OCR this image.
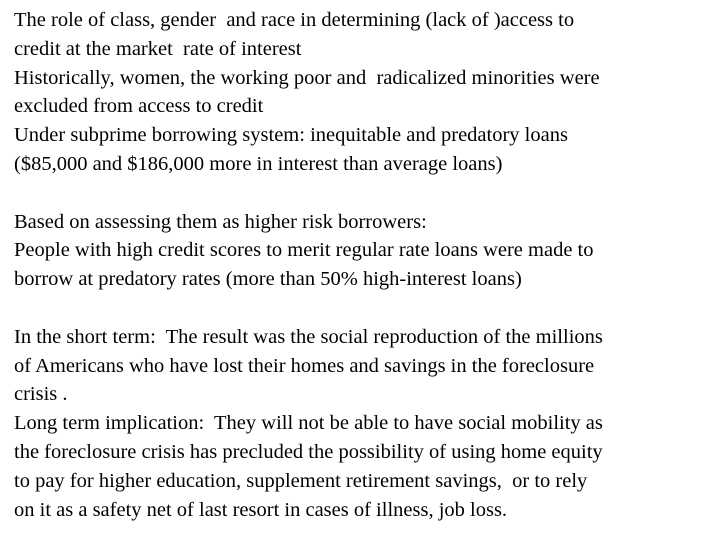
The role of class, gender  and race in determining (lack of )access to
credit at the market  rate of interest
Historically, women, the working poor and  radicalized minorities were
excluded from access to credit
Under subprime borrowing system: inequitable and predatory loans
($85,000 and $186,000 more in interest than average loans)
Based on assessing them as higher risk borrowers:
People with high credit scores to merit regular rate loans were made to
borrow at predatory rates (more than 50% high-interest loans)
In the short term:  The result was the social reproduction of the millions
of Americans who have lost their homes and savings in the foreclosure
crisis .
Long term implication:  They will not be able to have social mobility as
the foreclosure crisis has precluded the possibility of using home equity
to pay for higher education, supplement retirement savings,  or to rely
on it as a safety net of last resort in cases of illness, job loss.
